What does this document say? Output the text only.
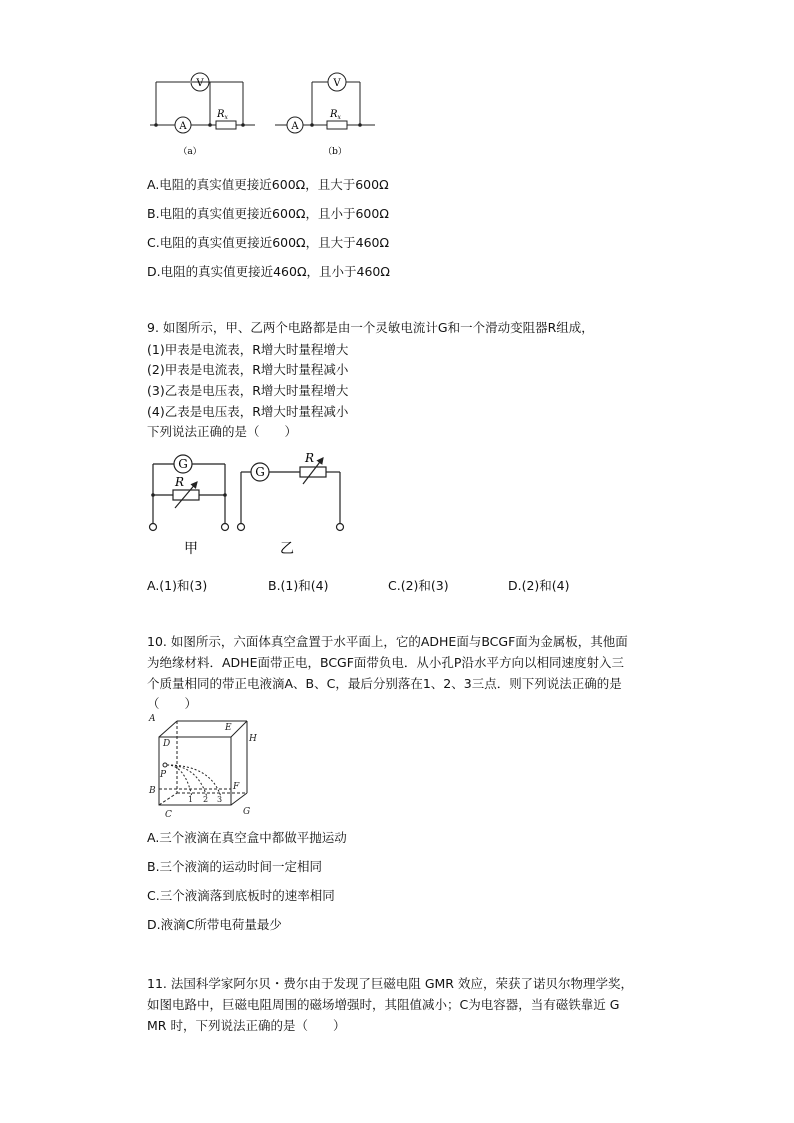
V
A
$R_x$
V
A
$R_x$
（a）	（b）
A.电阻的真实值更接近600Ω，且大于600Ω
B.电阻的真实值更接近600Ω，且小于600Ω
C.电阻的真实值更接近600Ω，且大于460Ω
D.电阻的真实值更接近460Ω，且小于460Ω
9. 如图所示，甲、乙两个电路都是由一个灵敏电流计G和一个滑动变阻器R组成，
(1)甲表是电流表，R增大时量程增大
(2)甲表是电流表，R增大时量程减小
(3)乙表是电压表，R增大时量程增大
(4)乙表是电压表，R增大时量程减小
下列说法正确的是（　　）
G
G
R
R
甲	乙
A.(1)和(3)	B.(1)和(4)	C.(2)和(3)	D.(2)和(4)
10. 如图所示，六面体真空盒置于水平面上，它的ADHE面与BCGF面为金属板，其他面
为绝缘材料．ADHE面带正电，BCGF面带负电．从小孔P沿水平方向以相同速度射入三
个质量相同的带正电液滴A、B、C，最后分别落在1、2、3三点．则下列说法正确的是
（　　）
A
D
E
H
P
B	F
C	G
1 2 3
A.三个液滴在真空盒中都做平抛运动
B.三个液滴的运动时间一定相同
C.三个液滴落到底板时的速率相同
D.液滴C所带电荷量最少
11. 法国科学家阿尔贝・费尔由于发现了巨磁电阻 GMR 效应，荣获了诺贝尔物理学奖，
如图电路中，巨磁电阻周围的磁场增强时，其阻值减小；C为电容器，当有磁铁靠近 G
MR 时，下列说法正确的是（　　）
